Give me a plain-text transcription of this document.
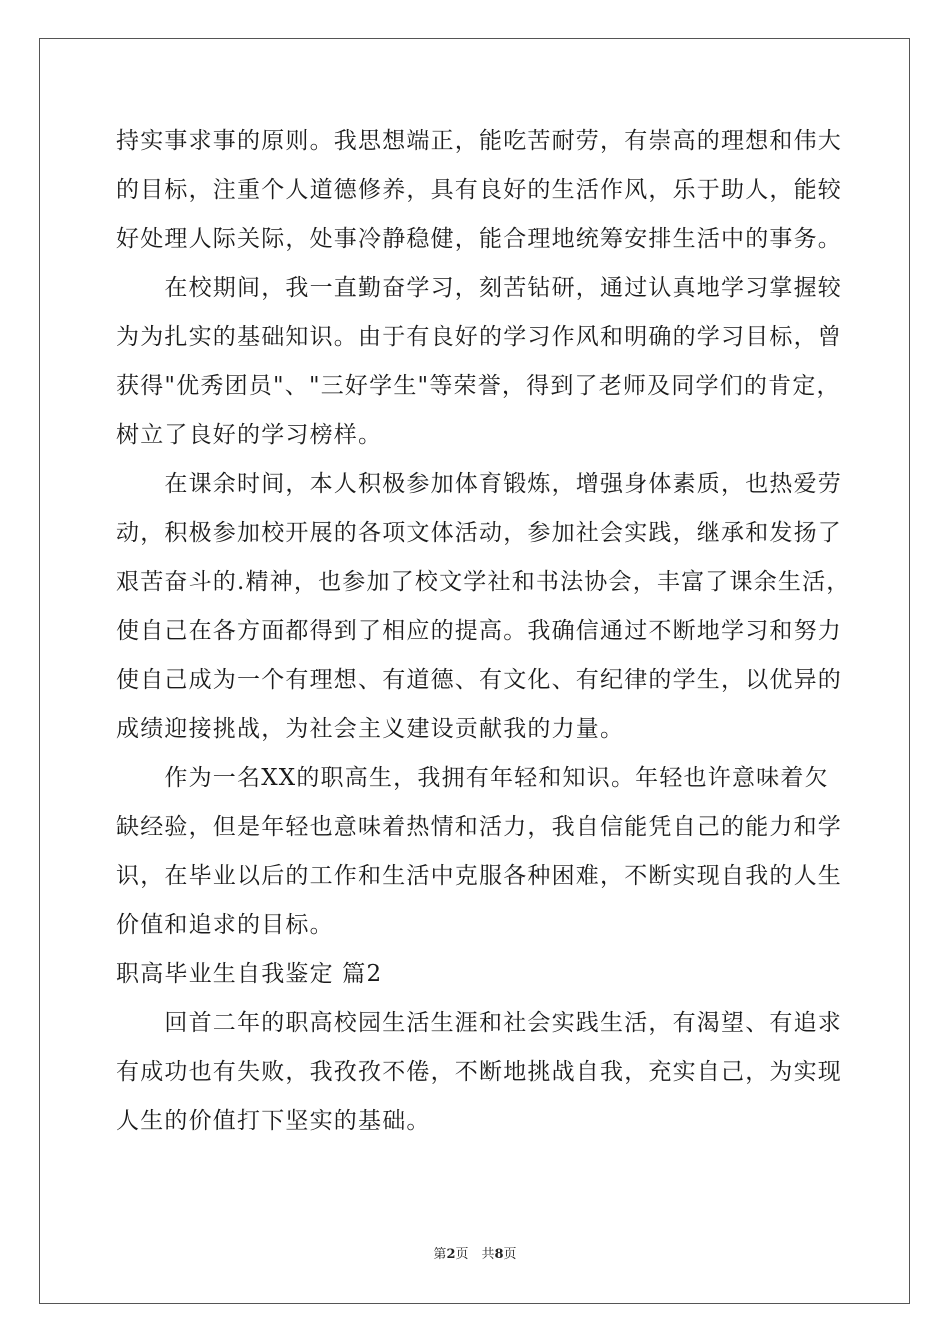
持实事求事的原则。我思想端正，能吃苦耐劳，有崇高的理想和伟大
的目标，注重个人道德修养，具有良好的生活作风，乐于助人，能较
好处理人际关际，处事冷静稳健，能合理地统筹安排生活中的事务。
　　在校期间，我一直勤奋学习，刻苦钻研，通过认真地学习掌握较
为为扎实的基础知识。由于有良好的学习作风和明确的学习目标，曾
获得"优秀团员"、"三好学生"等荣誉，得到了老师及同学们的肯定，
树立了良好的学习榜样。
　　在课余时间，本人积极参加体育锻炼，增强身体素质，也热爱劳
动，积极参加校开展的各项文体活动，参加社会实践，继承和发扬了
艰苦奋斗的.精神，也参加了校文学社和书法协会，丰富了课余生活，
使自己在各方面都得到了相应的提高。我确信通过不断地学习和努力
使自己成为一个有理想、有道德、有文化、有纪律的学生，以优异的
成绩迎接挑战，为社会主义建设贡献我的力量。
　　作为一名XX的职高生，我拥有年轻和知识。年轻也许意味着欠
缺经验，但是年轻也意味着热情和活力，我自信能凭自己的能力和学
识，在毕业以后的工作和生活中克服各种困难，不断实现自我的人生
价值和追求的目标。
职高毕业生自我鉴定 篇2
　　回首二年的职高校园生活生涯和社会实践生活，有渴望、有追求
有成功也有失败，我孜孜不倦，不断地挑战自我，充实自己，为实现
人生的价值打下坚实的基础。
第2页　共8页
